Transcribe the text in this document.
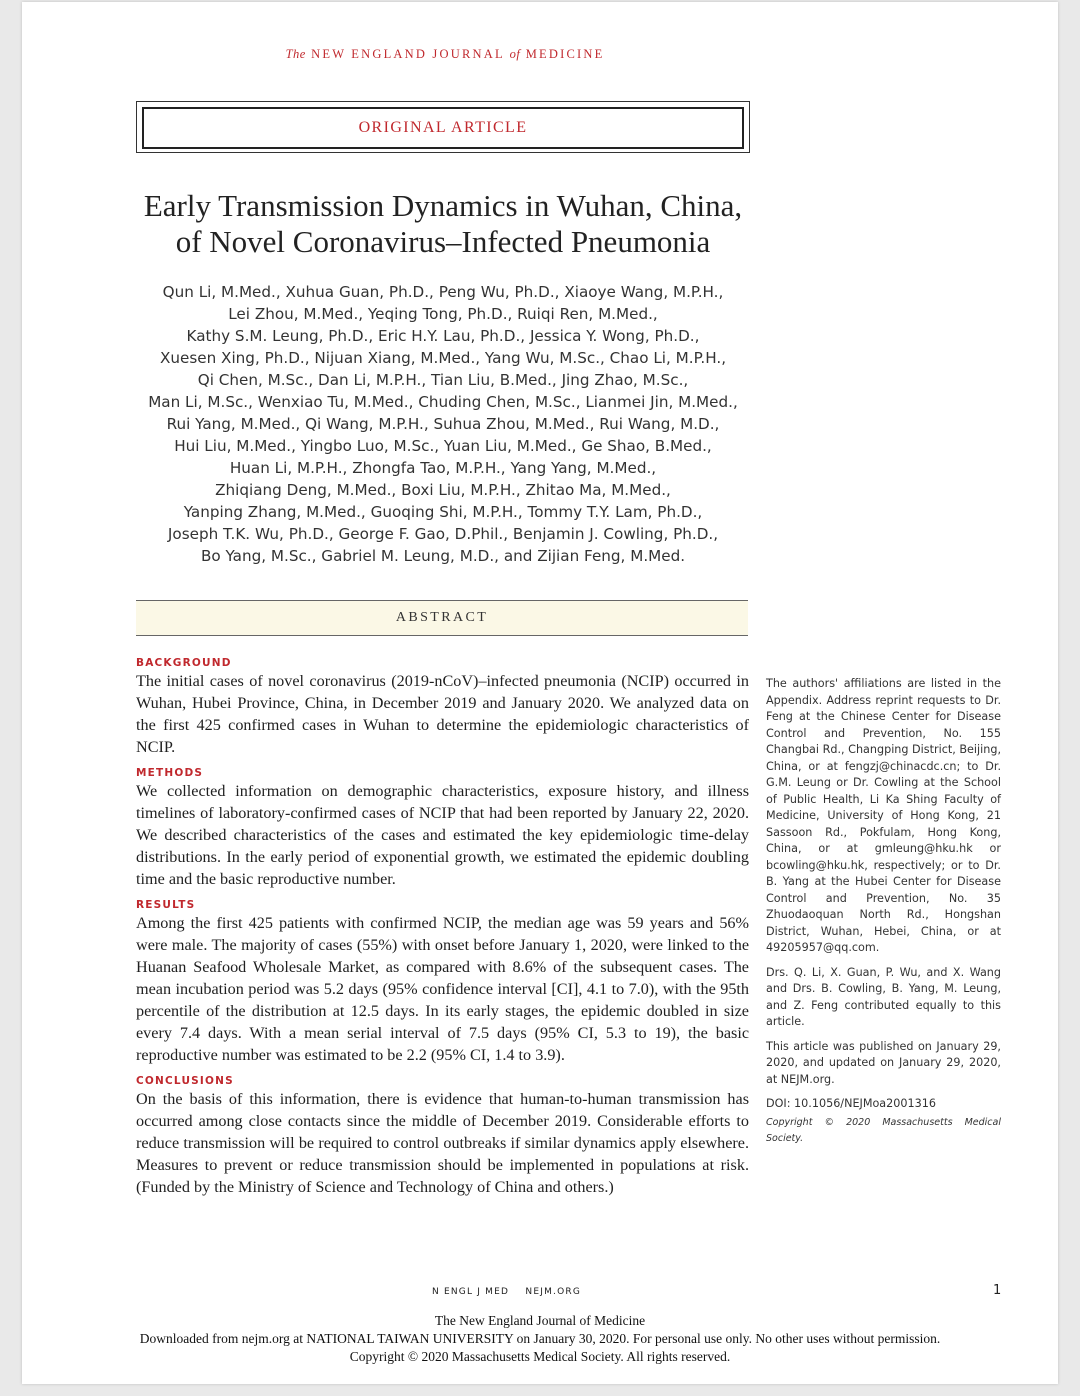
The NEW ENGLAND JOURNAL of MEDICINE
ORIGINAL ARTICLE
Early Transmission Dynamics in Wuhan, China,
of Novel Coronavirus–Infected Pneumonia
Qun Li, M.Med., Xuhua Guan, Ph.D., Peng Wu, Ph.D., Xiaoye Wang, M.P.H.,
Lei Zhou, M.Med., Yeqing Tong, Ph.D., Ruiqi Ren, M.Med.,
Kathy S.M. Leung, Ph.D., Eric H.Y. Lau, Ph.D., Jessica Y. Wong, Ph.D.,
Xuesen Xing, Ph.D., Nijuan Xiang, M.Med., Yang Wu, M.Sc., Chao Li, M.P.H.,
Qi Chen, M.Sc., Dan Li, M.P.H., Tian Liu, B.Med., Jing Zhao, M.Sc.,
Man Li, M.Sc., Wenxiao Tu, M.Med., Chuding Chen, M.Sc., Lianmei Jin, M.Med.,
Rui Yang, M.Med., Qi Wang, M.P.H., Suhua Zhou, M.Med., Rui Wang, M.D.,
Hui Liu, M.Med., Yingbo Luo, M.Sc., Yuan Liu, M.Med., Ge Shao, B.Med.,
Huan Li, M.P.H., Zhongfa Tao, M.P.H., Yang Yang, M.Med.,
Zhiqiang Deng, M.Med., Boxi Liu, M.P.H., Zhitao Ma, M.Med.,
Yanping Zhang, M.Med., Guoqing Shi, M.P.H., Tommy T.Y. Lam, Ph.D.,
Joseph T.K. Wu, Ph.D., George F. Gao, D.Phil., Benjamin J. Cowling, Ph.D.,
Bo Yang, M.Sc., Gabriel M. Leung, M.D., and Zijian Feng, M.Med.
ABSTRACT

BACKGROUND

The initial cases of novel coronavirus (2019-nCoV)–infected pneumonia (NCIP) occurred in Wuhan, Hubei Province, China, in December 2019 and January 2020. We analyzed data on the first 425 confirmed cases in Wuhan to determine the epidemiologic characteristics of NCIP.

METHODS

We collected information on demographic characteristics, exposure history, and illness timelines of laboratory-confirmed cases of NCIP that had been reported by January 22, 2020. We described characteristics of the cases and estimated the key epidemiologic time-delay distributions. In the early period of exponential growth, we estimated the epidemic doubling time and the basic reproductive number.

RESULTS

Among the first 425 patients with confirmed NCIP, the median age was 59 years and 56% were male. The majority of cases (55%) with onset before January 1, 2020, were linked to the Huanan Seafood Wholesale Market, as compared with 8.6% of the subsequent cases. The mean incubation period was 5.2 days (95% confidence interval [CI], 4.1 to 7.0), with the 95th percentile of the distribution at 12.5 days. In its early stages, the epidemic doubled in size every 7.4 days. With a mean serial interval of 7.5 days (95% CI, 5.3 to 19), the basic reproductive number was estimated to be 2.2 (95% CI, 1.4 to 3.9).

CONCLUSIONS

On the basis of this information, there is evidence that human-to-human transmission has occurred among close contacts since the middle of December 2019. Considerable efforts to reduce transmission will be required to control outbreaks if similar dynamics apply elsewhere. Measures to prevent or reduce transmission should be implemented in populations at risk. (Funded by the Ministry of Science and Technology of China and others.)

The authors' affiliations are listed in the Appendix. Address reprint requests to Dr. Feng at the Chinese Center for Disease Control and Prevention, No. 155 Changbai Rd., Changping District, Beijing, China, or at fengzj@chinacdc.cn; to Dr. G.M. Leung or Dr. Cowling at the School of Public Health, Li Ka Shing Faculty of Medicine, University of Hong Kong, 21 Sassoon Rd., Pokfulam, Hong Kong, China, or at gmleung@hku.hk or bcowling@hku.hk, respectively; or to Dr. B. Yang at the Hubei Center for Disease Control and Prevention, No. 35 Zhuodaoquan North Rd., Hongshan District, Wuhan, Hebei, China, or at 49205957@qq.com.

Drs. Q. Li, X. Guan, P. Wu, and X. Wang and Drs. B. Cowling, B. Yang, M. Leung, and Z. Feng contributed equally to this article.

This article was published on January 29, 2020, and updated on January 29, 2020, at NEJM.org.

DOI: 10.1056/NEJMoa2001316

Copyright © 2020 Massachusetts Medical Society.

N ENGL J MED    NEJM.ORG	1
The New England Journal of Medicine
Downloaded from nejm.org at NATIONAL TAIWAN UNIVERSITY on January 30, 2020. For personal use only. No other uses without permission.
Copyright © 2020 Massachusetts Medical Society. All rights reserved.
